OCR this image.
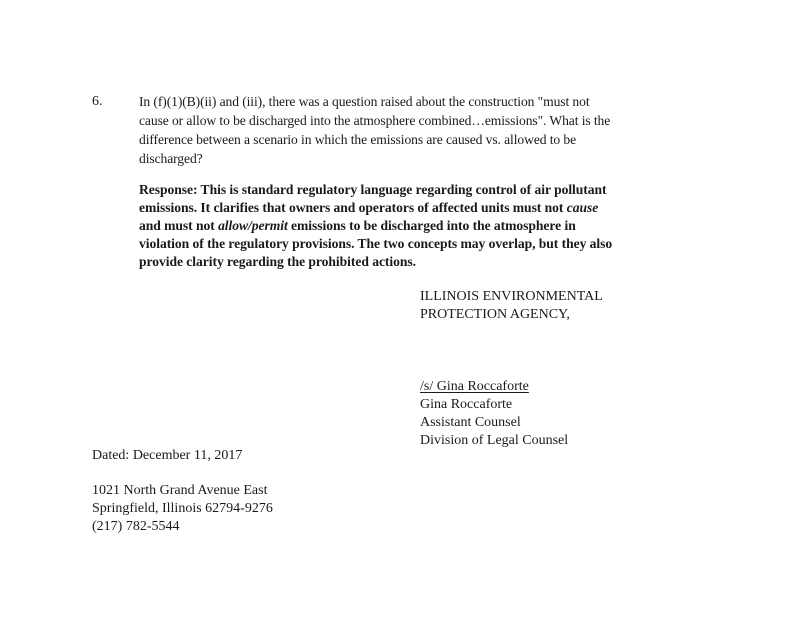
6.	In (f)(1)(B)(ii) and (iii), there was a question raised about the construction "must not
cause or allow to be discharged into the atmosphere combined…emissions". What is the
difference between a scenario in which the emissions are caused vs. allowed to be
discharged?
Response: This is standard regulatory language regarding control of air pollutant
emissions. It clarifies that owners and operators of affected units must not cause
and must not allow/permit emissions to be discharged into the atmosphere in
violation of the regulatory provisions. The two concepts may overlap, but they also
provide clarity regarding the prohibited actions.
ILLINOIS ENVIRONMENTAL
PROTECTION AGENCY,
/s/ Gina Roccaforte
Gina Roccaforte
Assistant Counsel
Division of Legal Counsel
Dated: December 11, 2017
1021 North Grand Avenue East
Springfield, Illinois 62794-9276
(217) 782-5544
